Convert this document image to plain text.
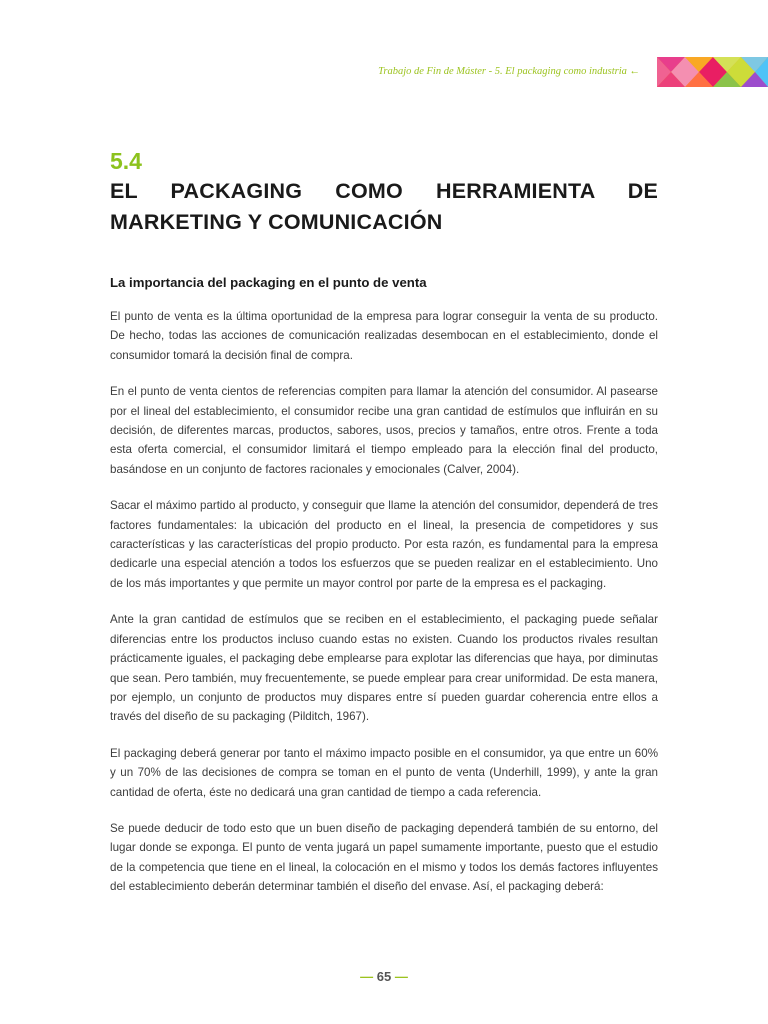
Trabajo de Fin de Máster - 5. El packaging como industria ←
5.4
EL PACKAGING COMO HERRAMIENTA DE MARKETING Y COMUNICACIÓN
La importancia del packaging en el punto de venta

El punto de venta es la última oportunidad de la empresa para lograr conseguir la venta de su producto. De hecho, todas las acciones de comunicación realizadas desembocan en el establecimiento, donde el consumidor tomará la decisión final de compra.

En el punto de venta cientos de referencias compiten para llamar la atención del consumidor. Al pasearse por el lineal del establecimiento, el consumidor recibe una gran cantidad de estímulos que influirán en su decisión, de diferentes marcas, productos, sabores, usos, precios y tamaños, entre otros. Frente a toda esta oferta comercial, el consumidor limitará el tiempo empleado para la elección final del producto, basándose en un conjunto de factores racionales y emocionales (Calver, 2004).

Sacar el máximo partido al producto, y conseguir que llame la atención del consumidor, dependerá de tres factores fundamentales: la ubicación del producto en el lineal, la presencia de competidores y sus características y las características del propio producto. Por esta razón, es fundamental para la empresa dedicarle una especial atención a todos los esfuerzos que se pueden realizar en el establecimiento. Uno de los más importantes y que permite un mayor control por parte de la empresa es el packaging.

Ante la gran cantidad de estímulos que se reciben en el establecimiento, el packaging puede señalar diferencias entre los productos incluso cuando estas no existen. Cuando los productos rivales resultan prácticamente iguales, el packaging debe emplearse para explotar las diferencias que haya, por diminutas que sean. Pero también, muy frecuentemente, se puede emplear para crear uniformidad. De esta manera, por ejemplo, un conjunto de productos muy dispares entre sí pueden guardar coherencia entre ellos a través del diseño de su packaging (Pilditch, 1967).

El packaging deberá generar por tanto el máximo impacto posible en el consumidor, ya que entre un 60% y un 70% de las decisiones de compra se toman en el punto de venta (Underhill, 1999), y ante la gran cantidad de oferta, éste no dedicará una gran cantidad de tiempo a cada referencia.

Se puede deducir de todo esto que un buen diseño de packaging dependerá también de su entorno, del lugar donde se exponga. El punto de venta jugará un papel sumamente importante, puesto que el estudio de la competencia que tiene en el lineal, la colocación en el mismo y todos los demás factores influyentes del establecimiento deberán determinar también el diseño del envase. Así, el packaging deberá:

— 65 —
